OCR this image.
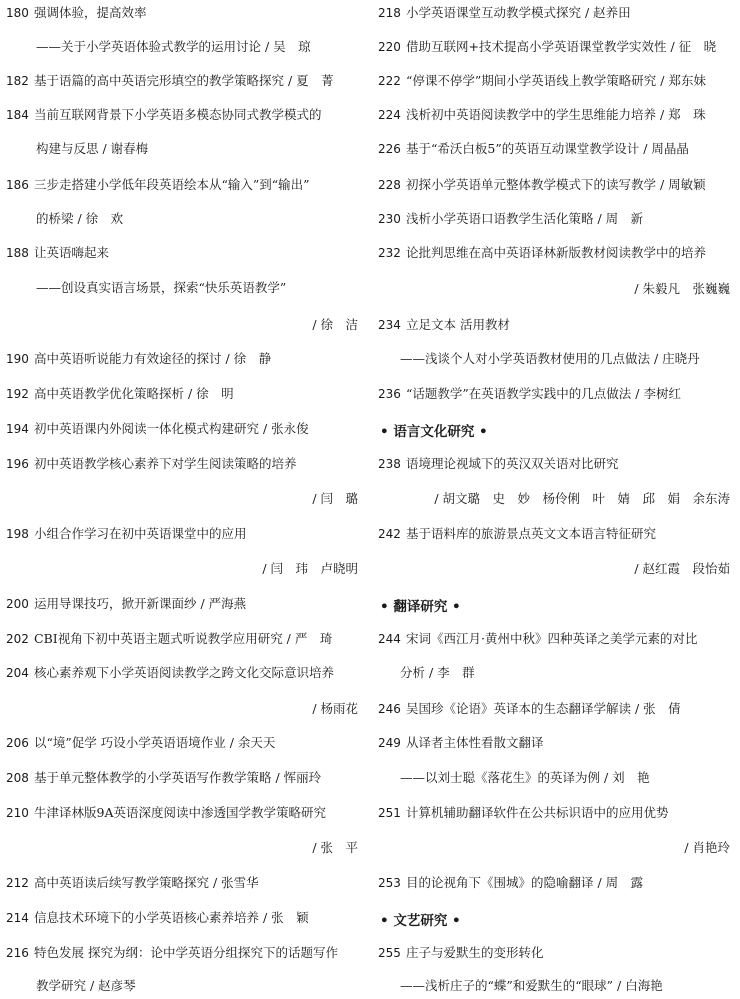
180 强调体验，提高效率
——关于小学英语体验式教学的运用讨论 / 吴　琼
182 基于语篇的高中英语完形填空的教学策略探究 / 夏　菁
184 当前互联网背景下小学英语多模态协同式教学模式的
构建与反思 / 谢春梅
186 三步走搭建小学低年段英语绘本从“输入”到“输出”
的桥梁 / 徐　欢
188 让英语嗨起来
——创设真实语言场景，探索“快乐英语教学”
/ 徐　洁
190 高中英语听说能力有效途径的探讨 / 徐　静
192 高中英语教学优化策略探析 / 徐　明
194 初中英语课内外阅读一体化模式构建研究 / 张永俊
196 初中英语教学核心素养下对学生阅读策略的培养
/ 闫　璐
198 小组合作学习在初中英语课堂中的应用
/ 闫　玮　卢晓明
200 运用导课技巧，掀开新课面纱 / 严海燕
202 CBI视角下初中英语主题式听说教学应用研究 / 严　琦
204 核心素养观下小学英语阅读教学之跨文化交际意识培养
/ 杨雨花
206 以“境”促学 巧设小学英语语境作业 / 余天天
208 基于单元整体教学的小学英语写作教学策略 / 恽丽玲
210 牛津译林版9A英语深度阅读中渗透国学教学策略研究
/ 张　平
212 高中英语读后续写教学策略探究 / 张雪华
214 信息技术环境下的小学英语核心素养培养 / 张　颖
216 特色发展 探究为纲：论中学英语分组探究下的话题写作
教学研究 / 赵彦琴
218 小学英语课堂互动教学模式探究 / 赵养田
220 借助互联网+技术提高小学英语课堂教学实效性 / 征　晓
222 “停课不停学”期间小学英语线上教学策略研究 / 郑东妹
224 浅析初中英语阅读教学中的学生思维能力培养 / 郑　珠
226 基于“希沃白板5”的英语互动课堂教学设计 / 周晶晶
228 初探小学英语单元整体教学模式下的读写教学 / 周敏颖
230 浅析小学英语口语教学生活化策略 / 周　新
232 论批判思维在高中英语译林新版教材阅读教学中的培养
/ 朱毅凡　张巍巍
234 立足文本 活用教材
——浅谈个人对小学英语教材使用的几点做法 / 庄晓丹
236 “话题教学”在英语教学实践中的几点做法 / 李树红
• 语言文化研究 •
238 语境理论视域下的英汉双关语对比研究
/ 胡文璐　史　妙　杨伶俐　叶　婧　邱　娟　余东涛
242 基于语料库的旅游景点英文文本语言特征研究
/ 赵红霞　段怡茹
• 翻译研究 •
244 宋词《西江月·黄州中秋》四种英译之美学元素的对比
分析 / 李　群
246 吴国珍《论语》英译本的生态翻译学解读 / 张　倩
249 从译者主体性看散文翻译
——以刘士聪《落花生》的英译为例 / 刘　艳
251 计算机辅助翻译软件在公共标识语中的应用优势
/ 肖艳玲
253 目的论视角下《围城》的隐喻翻译 / 周　露
• 文艺研究 •
255 庄子与爱默生的变形转化
——浅析庄子的“蝶”和爱默生的“眼球” / 白海艳
